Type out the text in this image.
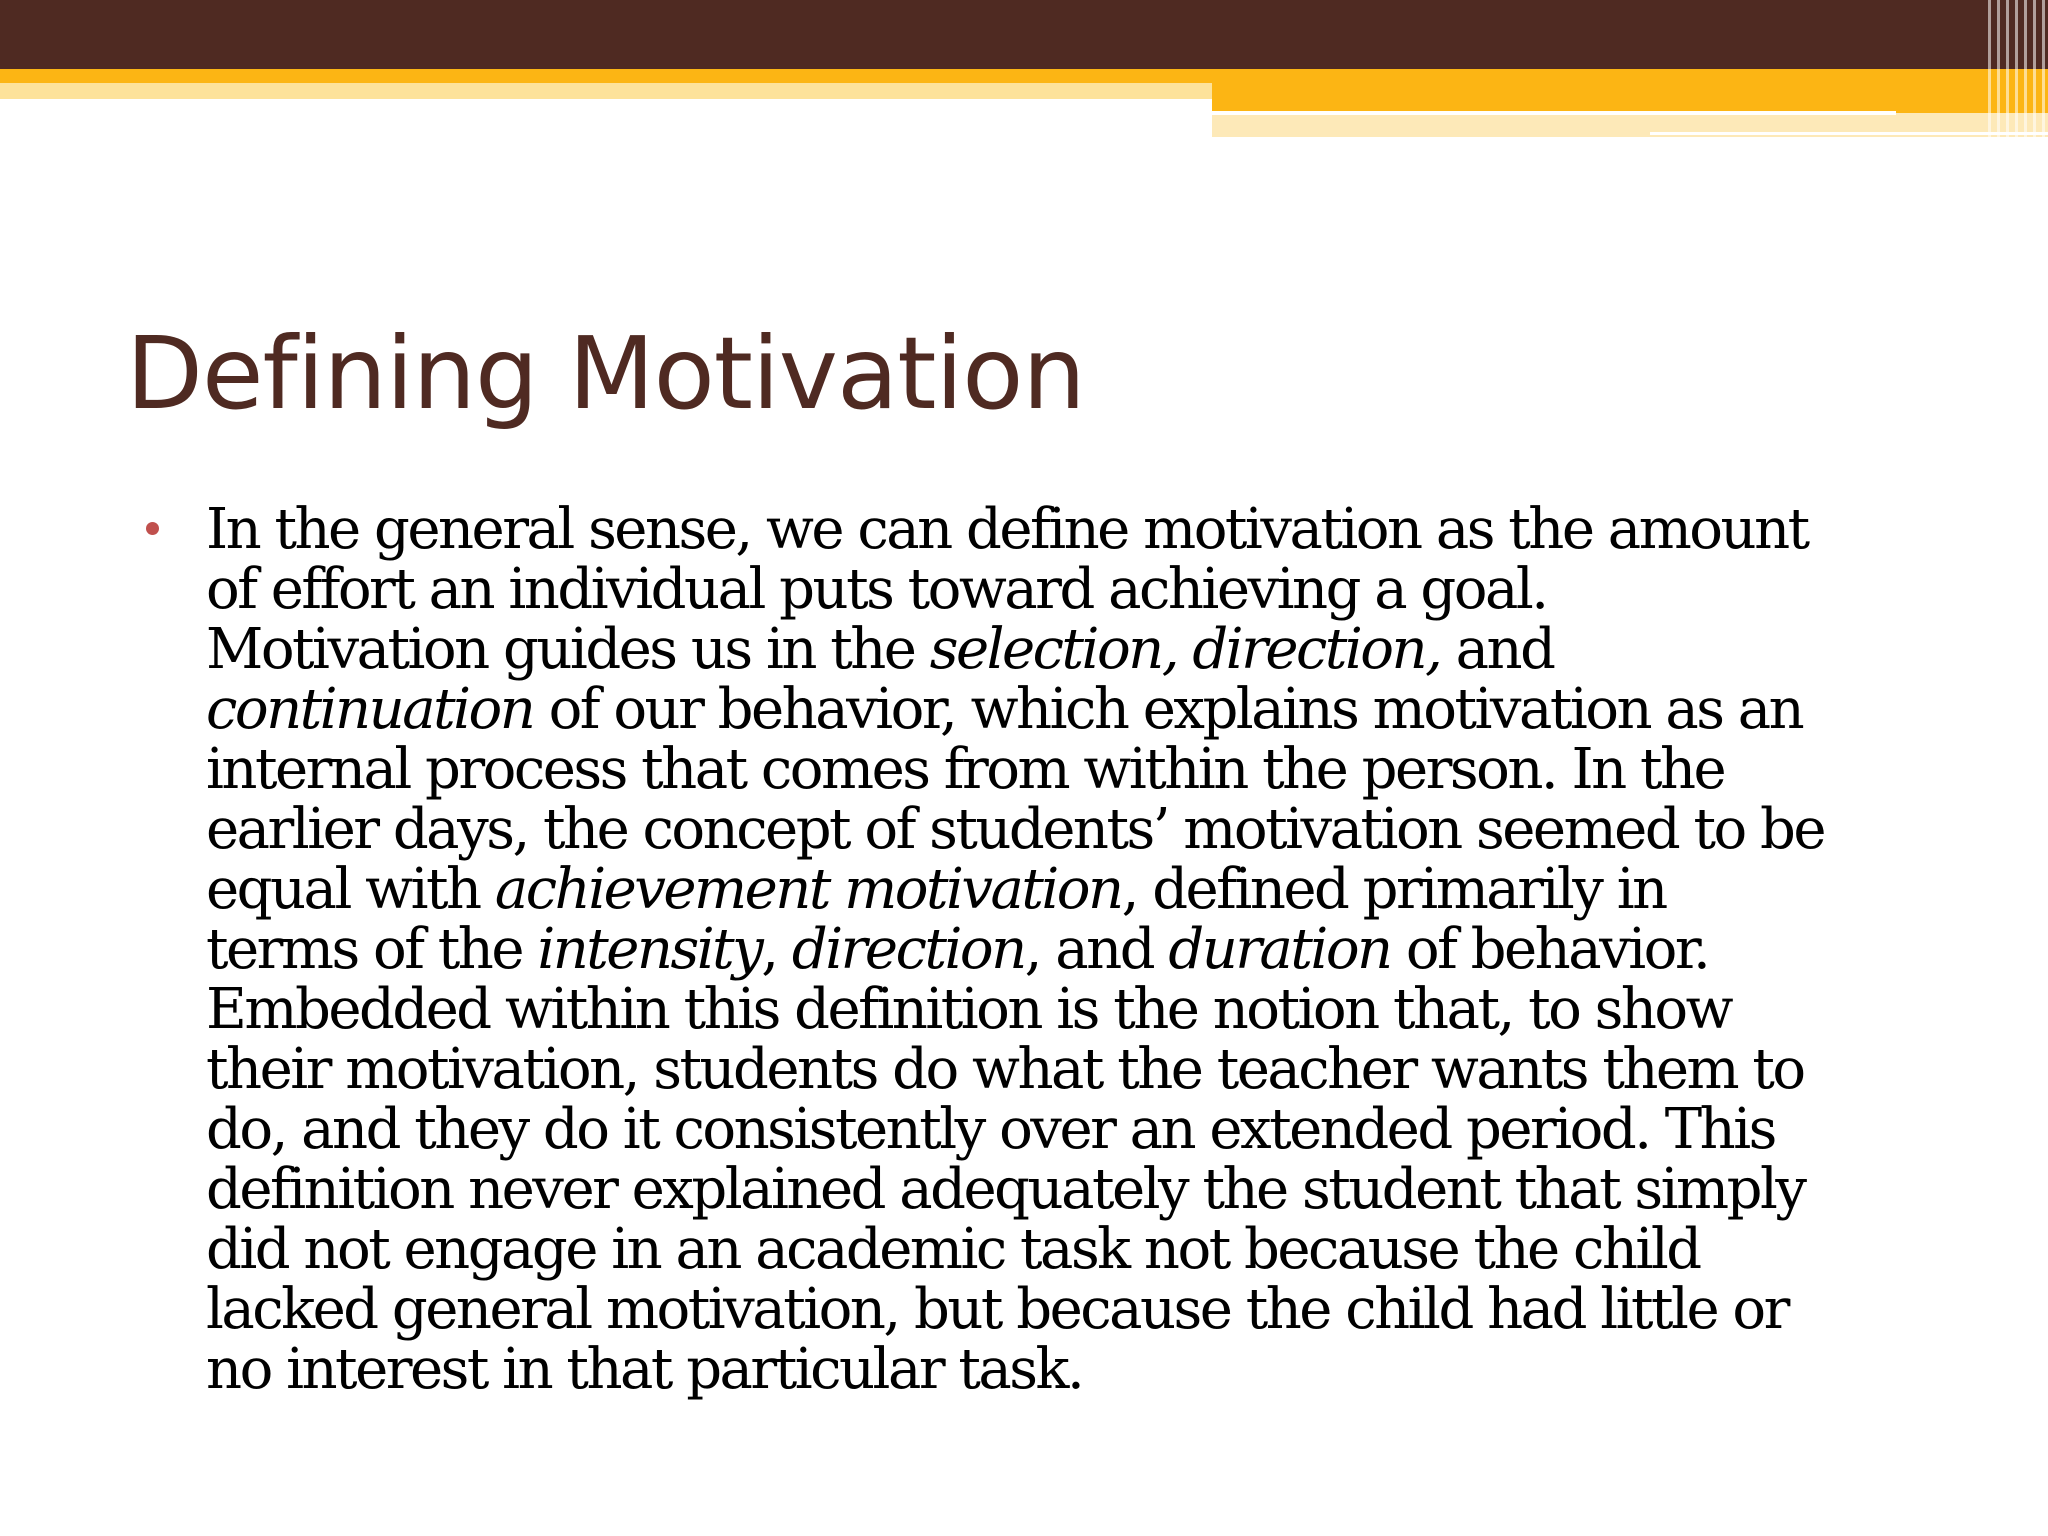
Defining Motivation
In the general sense, we can define motivation as the amount
of effort an individual puts toward achieving a goal.
Motivation guides us in the selection, direction, and
continuation of our behavior, which explains motivation as an
internal process that comes from within the person. In the
earlier days, the concept of students’ motivation seemed to be
equal with achievement motivation, defined primarily in
terms of the intensity, direction, and duration of behavior.
Embedded within this definition is the notion that, to show
their motivation, students do what the teacher wants them to
do, and they do it consistently over an extended period. This
definition never explained adequately the student that simply
did not engage in an academic task not because the child
lacked general motivation, but because the child had little or
no interest in that particular task.
